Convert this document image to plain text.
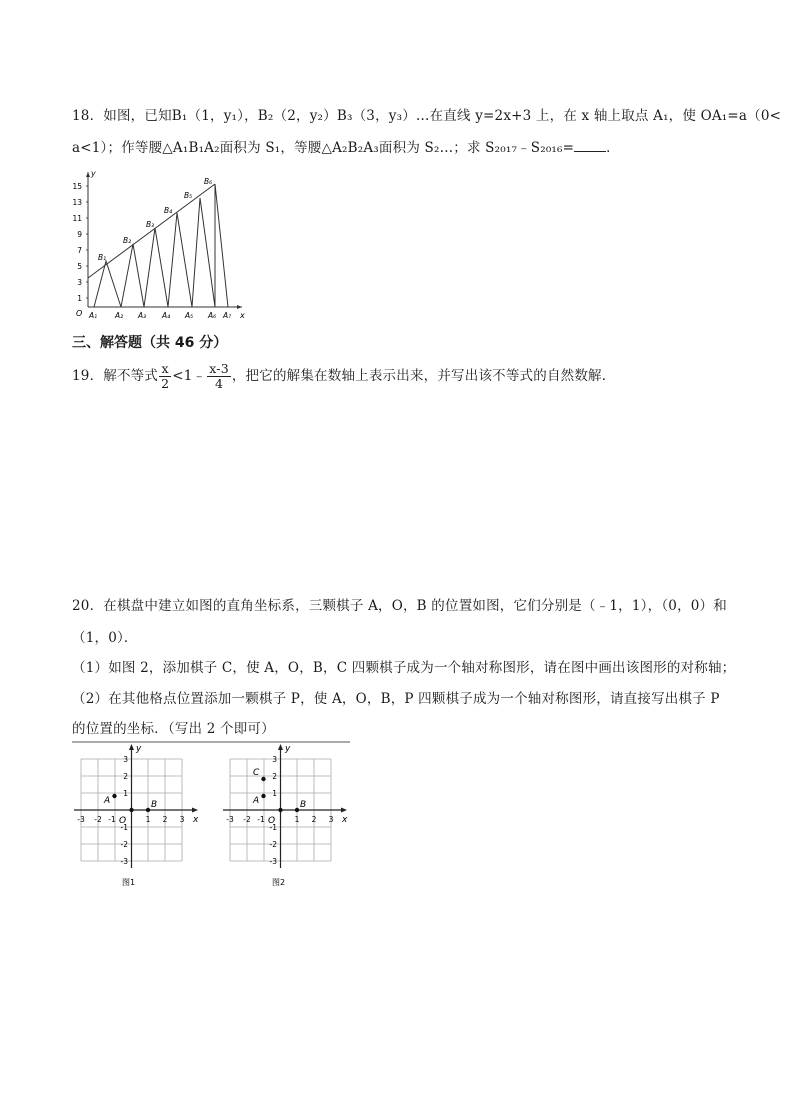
18．如图，已知B₁（1，y₁），B₂（2，y₂）B₃（3，y₃）…在直线 y=2x+3 上，在 x 轴上取点 A₁，使 OA₁=a（0<
a<1）；作等腰△A₁B₁A₂面积为 S₁，等腰△A₂B₂A₃面积为 S₂…；求 S₂₀₁₇﹣S₂₀₁₆= ．
y
x
O
15
13
11
9
7
5
3
1
A₁ A₂ A₃ A₄ A₅ A₆ A₇
B₁
B₂
B₃
B₄
B₅
B₆
三、解答题（共 46 分）
19．解不等式 $\frac{x}{2}$ <1﹣ $\frac{x-3}{4}$ ，把它的解集在数轴上表示出来，并写出该不等式的自然数解．
20．在棋盘中建立如图的直角坐标系，三颗棋子 A，O，B 的位置如图，它们分别是（﹣1，1），（0，0）和
（1，0）．
（1）如图 2，添加棋子 C，使 A，O，B，C 四颗棋子成为一个轴对称图形，请在图中画出该图形的对称轴；
（2）在其他格点位置添加一颗棋子 P，使 A，O，B，P 四颗棋子成为一个轴对称图形，请直接写出棋子 P
的位置的坐标．（写出 2 个即可）
y
x
O
-3 -2 -1	1 2 3
3
2
1
-1
-2
-3
A	B
图1
y
x
O
-3 -2 -1	1 2 3
3
2
1
-1
-2
-3
C
A	B
图2
